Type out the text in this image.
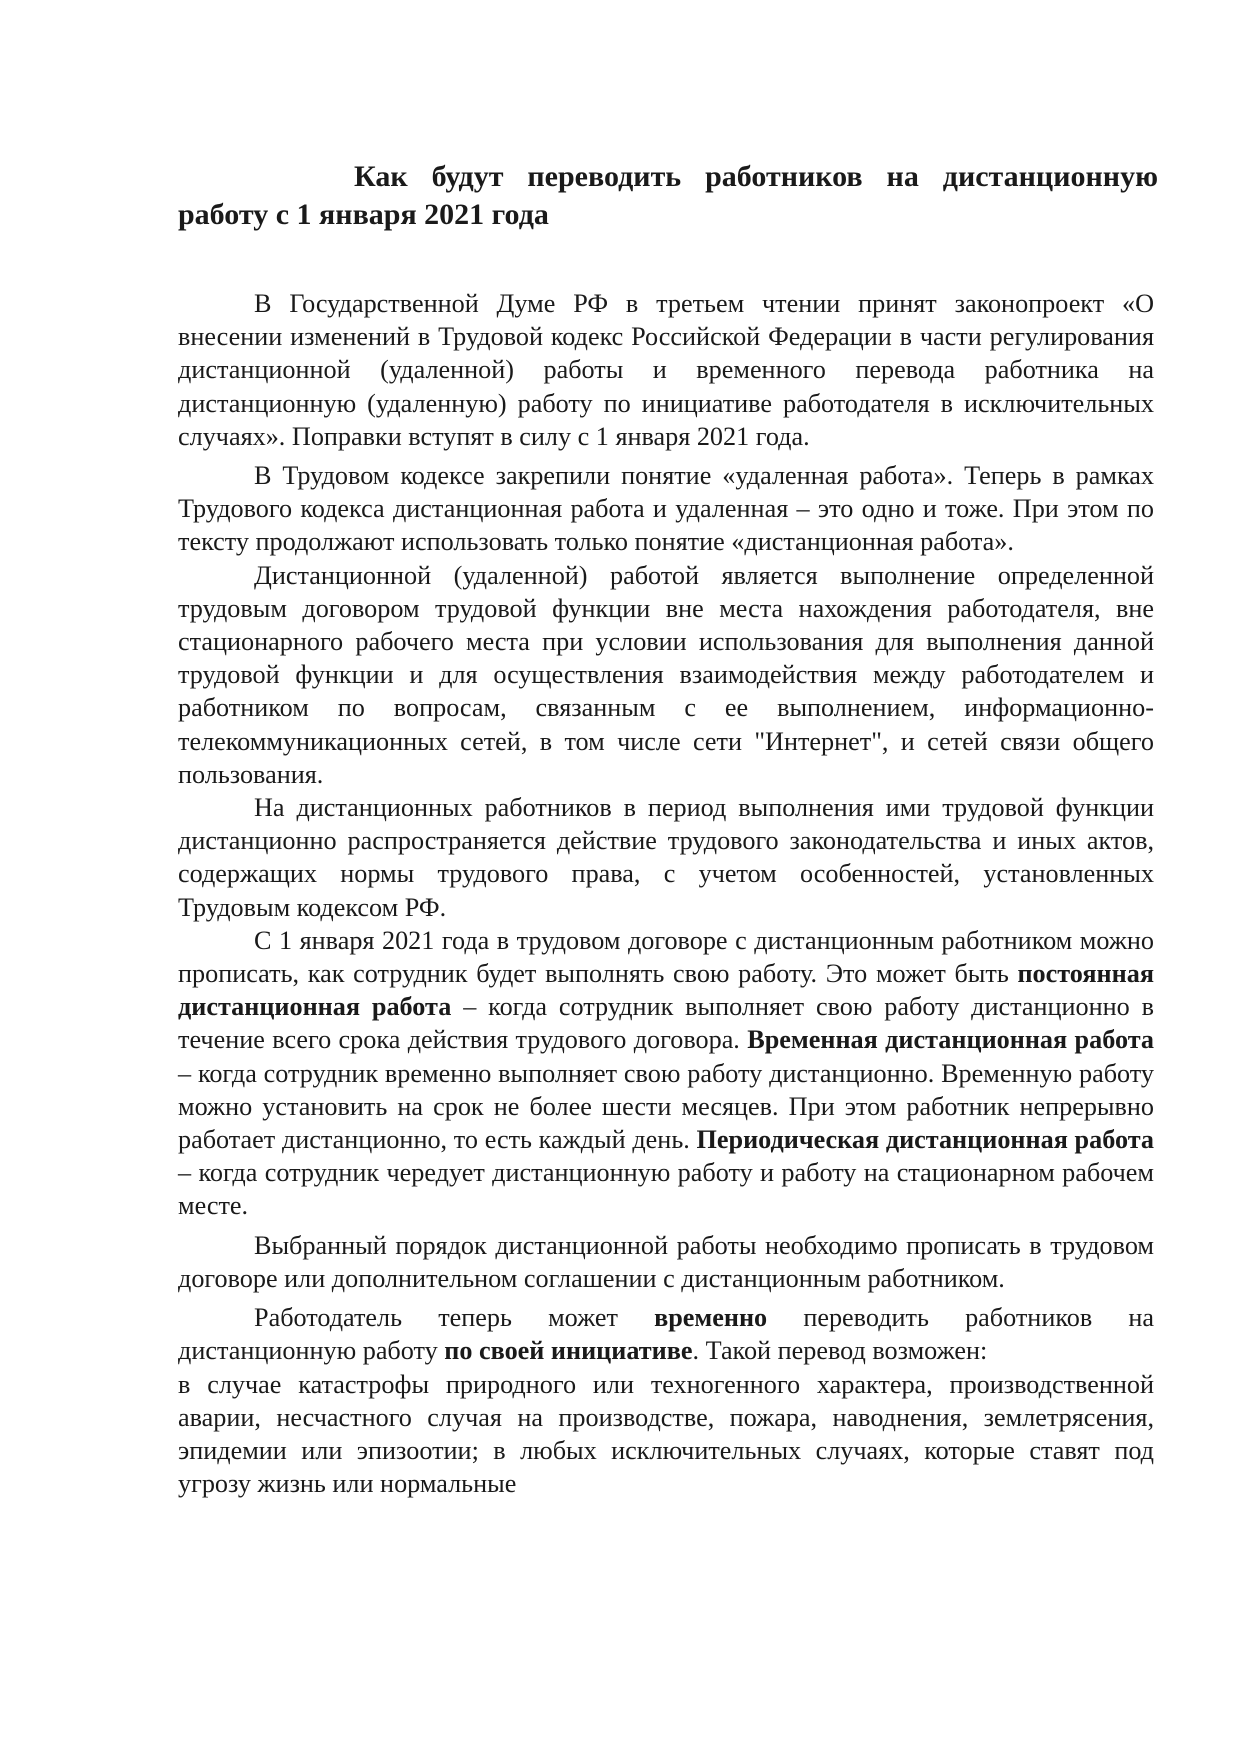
Как будут переводить работников на дистанционную работу с 1 января 2021 года

В Государственной Думе РФ в третьем чтении принят законопроект «О внесении изменений в Трудовой кодекс Российской Федерации в части регулирования дистанционной (удаленной) работы и временного перевода работника на дистанционную (удаленную) работу по инициативе работодателя в исключительных случаях». Поправки вступят в силу с 1 января 2021 года.

В Трудовом кодексе закрепили понятие «удаленная работа». Теперь в рамках Трудового кодекса дистанционная работа и удаленная – это одно и тоже. При этом по тексту продолжают использовать только понятие «дистанционная работа».

Дистанционной (удаленной) работой является выполнение определенной трудовым договором трудовой функции вне места нахождения работодателя, вне стационарного рабочего места при условии использования для выполнения данной трудовой функции и для осуществления взаимодействия между работодателем и работником по вопросам, связанным с ее выполнением, информационно-телекоммуникационных сетей, в том числе сети "Интернет", и сетей связи общего пользования.

На дистанционных работников в период выполнения ими трудовой функции дистанционно распространяется действие трудового законодательства и иных актов, содержащих нормы трудового права, с учетом особенностей, установленных Трудовым кодексом РФ.

С 1 января 2021 года в трудовом договоре с дистанционным работником можно прописать, как сотрудник будет выполнять свою работу. Это может быть постоянная дистанционная работа – когда сотрудник выполняет свою работу дистанционно в течение всего срока действия трудового договора. Временная дистанционная работа – когда сотрудник временно выполняет свою работу дистанционно. Временную работу можно установить на срок не более шести месяцев. При этом работник непрерывно работает дистанционно, то есть каждый день. Периодическая дистанционная работа – когда сотрудник чередует дистанционную работу и работу на стационарном рабочем месте.

Выбранный порядок дистанционной работы необходимо прописать в трудовом договоре или дополнительном соглашении с дистанционным работником.

Работодатель теперь может временно переводить работников на дистанционную работу по своей инициативе. Такой перевод возможен:

в случае катастрофы природного или техногенного характера, производственной аварии, несчастного случая на производстве, пожара, наводнения, землетрясения, эпидемии или эпизоотии; в любых исключительных случаях, которые ставят под угрозу жизнь или нормальные
